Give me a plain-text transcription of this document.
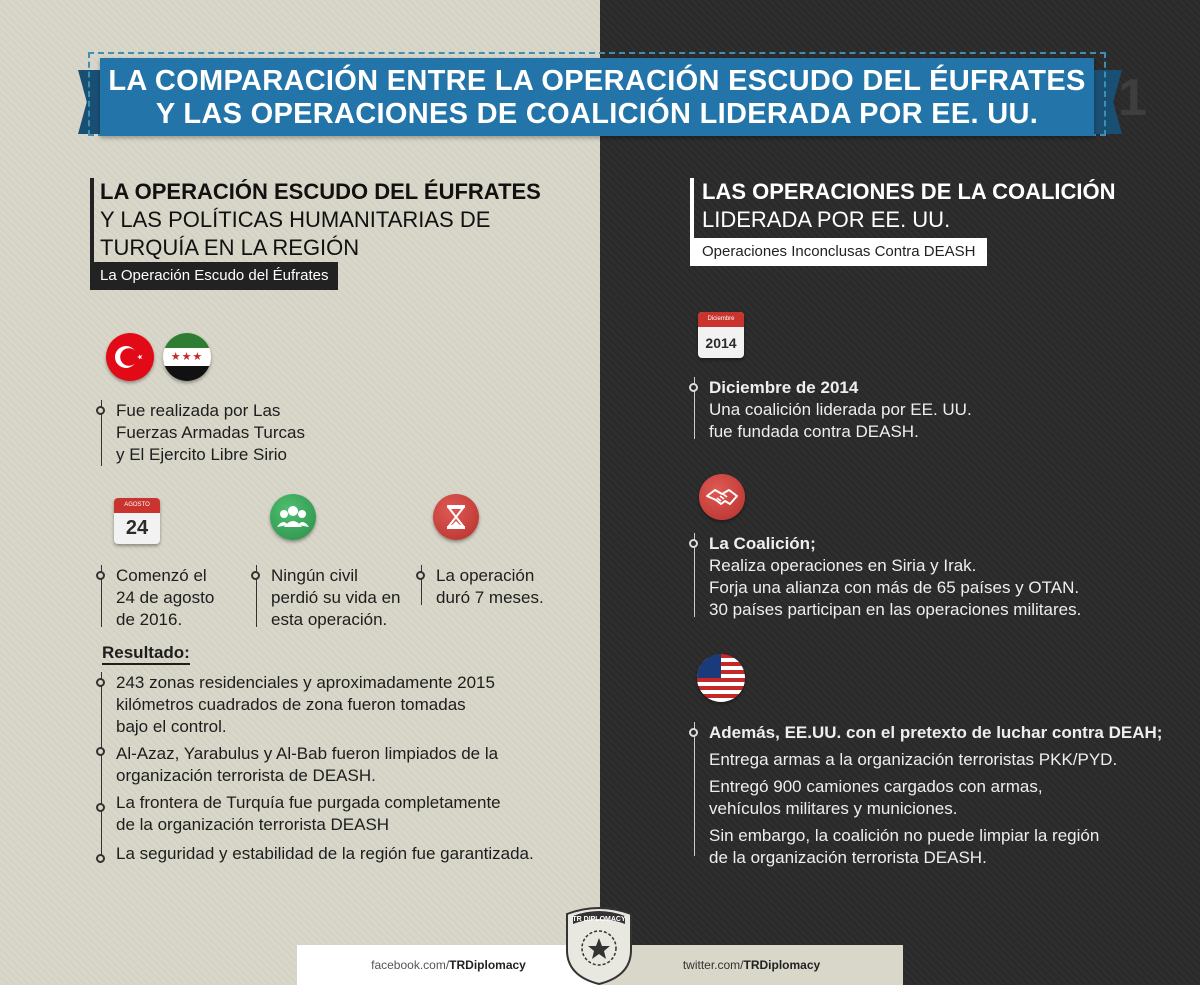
LA COMPARACIÓN ENTRE LA OPERACIÓN ESCUDO DEL ÉUFRATES
Y LAS OPERACIONES DE COALICIÓN LIDERADA POR EE. UU.	1
LA OPERACIÓN ESCUDO DEL ÉUFRATES
Y LAS POLÍTICAS HUMANITARIAS DE
TURQUÍA EN LA REGIÓN
La Operación Escudo del Éufrates
LAS OPERACIONES DE LA COALICIÓN
LIDERADA POR EE. UU.
Operaciones Inconclusas Contra DEASH
★★★
Fue realizada por Las
Fuerzas Armadas Turcas
y El Ejercito Libre Sirio
AGOSTO
24
Comenzó el
24 de agosto
de 2016.
Ningún civil
perdió su vida en
esta operación.
La operación
duró 7 meses.
Resultado:
243 zonas residenciales y aproximadamente 2015
kilómetros cuadrados de zona fueron tomadas
bajo el control.
Al-Azaz, Yarabulus y Al-Bab fueron limpiados de la
organización terrorista de DEASH.
La frontera de Turquía fue purgada completamente
de la organización terrorista DEASH
La seguridad y estabilidad de la región fue garantizada.
Diciembre
2014
Diciembre de 2014
Una coalición liderada por EE. UU.
fue fundada contra DEASH.
La Coalición;
Realiza operaciones en Siria y Irak.
Forja una alianza con más de 65 países y OTAN.
30 países participan en las operaciones militares.
Además, EE.UU. con el pretexto de luchar contra DEAH;
Entrega armas a la organización terroristas PKK/PYD.
Entregó 900 camiones cargados con armas,
vehículos militares y municiones.
Sin embargo, la coalición no puede limpiar la región
de la organización terrorista DEASH.
facebook.com/TRDiplomacy	twitter.com/TRDiplomacy
TR DIPLOMACY
